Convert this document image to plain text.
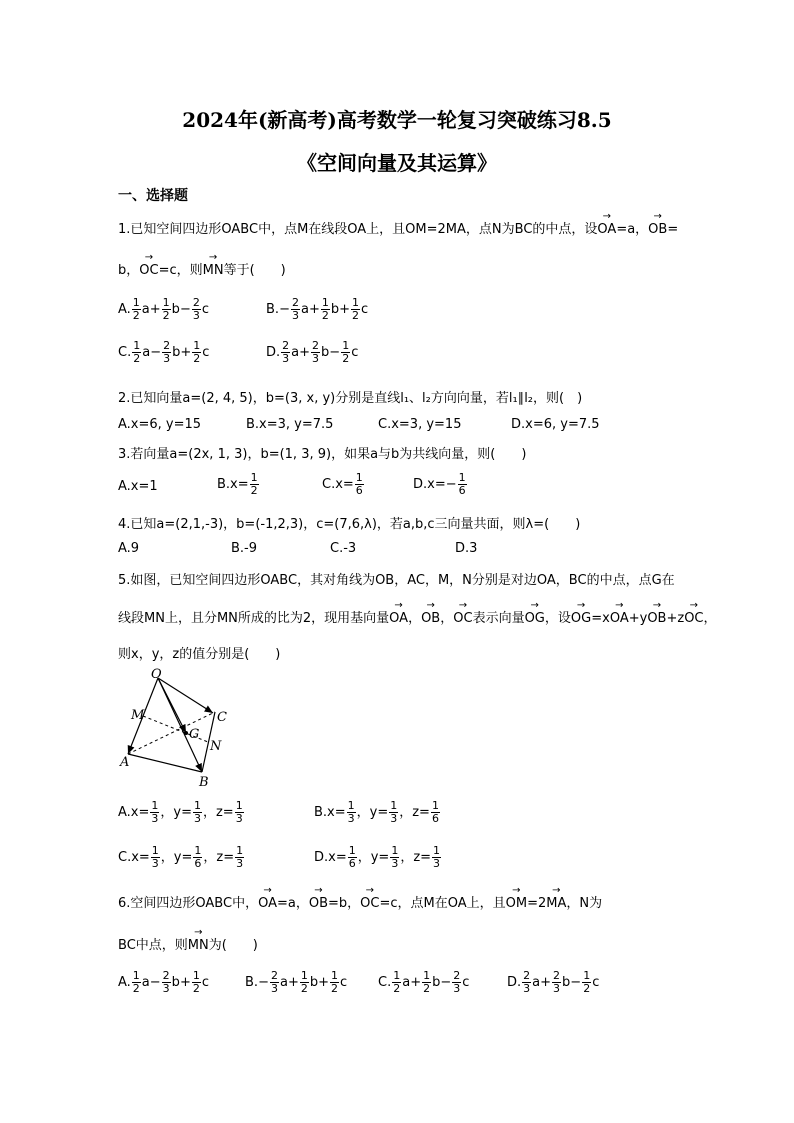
2024年(新高考)高考数学一轮复习突破练习8.5
《空间向量及其运算》
一、选择题
1.已知空间四边形OABC中，点M在线段OA上，且OM=2MA，点N为BC的中点，设→ OA=a，→ OB=
b，→ OC=c，则→ MN等于(　　)
A. $\frac{1}{2} a+ \frac{1}{2} b- \frac{2}{3}$ c	$B.- \frac{2}{3} a+ \frac{1}{2} b+ \frac{1}{2}$ c
C. $\frac{1}{2} a- \frac{2}{3} b+ \frac{1}{2}$ c	D. $\frac{2}{3} a+ \frac{2}{3} b- \frac{1}{2}$ c
2.已知向量a=(2, 4, 5)，b=(3, x, y)分别是直线l₁、l₂方向向量，若l₁∥l₂，则(　)
A.x=6, y=15	B.x=3, y=7.5	C.x=3, y=15	D.x=6, y=7.5
3.若向量a=(2x, 1, 3)，b=(1, 3, 9)，如果a与b为共线向量，则(　　)
A.x=1	$B.x= \frac{1}{2}$	$C.x= \frac{1}{6}$	$D.x=- \frac{1}{6}$
4.已知a=(2,1,-3)，b=(-1,2,3)，c=(7,6,λ)，若a,b,c三向量共面，则λ=(　　)
A.9	B.-9	C.-3	D.3
5.如图，已知空间四边形OABC，其对角线为OB，AC，M，N分别是对边OA，BC的中点，点G在
线段MN上，且分MN所成的比为2，现用基向量→ OA，→ OB，→ OC表示向量→ OG，设→ OG=x→ OA+y→ OB+z→ OC，
则x，y，z的值分别是(　　)
O
M	C
G
N
A
B
$A.x= \frac{1}{3}$ ，$y= \frac{1}{3}$ ，$z= \frac{1}{3}$	$B.x= \frac{1}{3}$ ，$y= \frac{1}{3}$ ，$z= \frac{1}{6}$
$C.x= \frac{1}{3}$ ，$y= \frac{1}{6}$ ，$z= \frac{1}{3}$	$D.x= \frac{1}{6}$ ，$y= \frac{1}{3}$ ，$z= \frac{1}{3}$
6.空间四边形OABC中，→ OA=a，→ OB=b，→ OC=c，点M在OA上，且→ OM=2→ MA，N为
BC中点，则→ MN为(　　)
A. $\frac{1}{2} a- \frac{2}{3} b+ \frac{1}{2}$ c	$B.- \frac{2}{3} a+ \frac{1}{2} b+ \frac{1}{2}$ c C. $\frac{1}{2} a+ \frac{1}{2} b- \frac{2}{3}$ c	D. $\frac{2}{3} a+ \frac{2}{3} b- \frac{1}{2}$ c
